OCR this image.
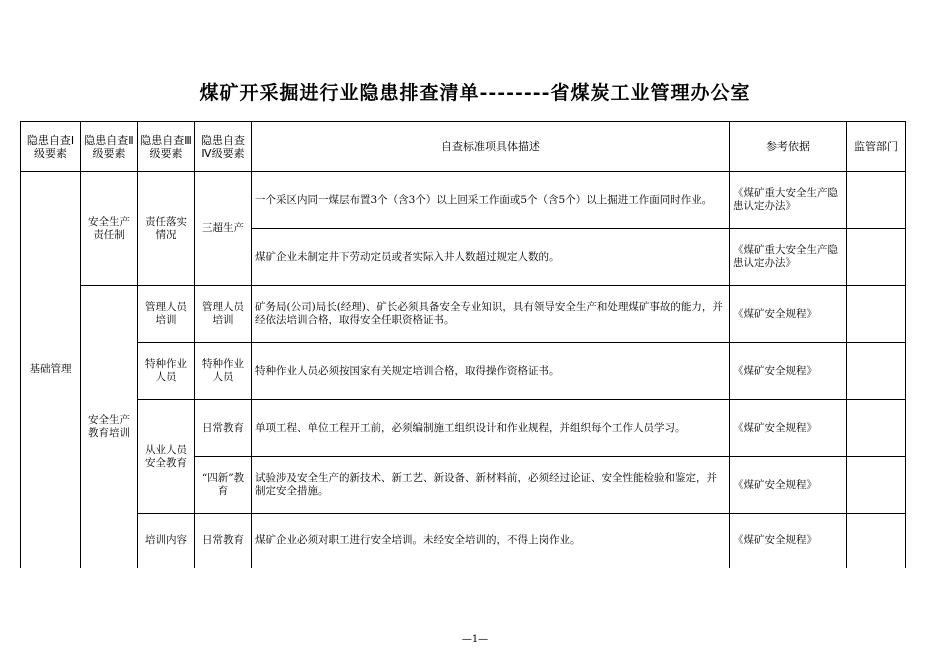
煤矿开采掘进行业隐患排查清单--------省煤炭工业管理办公室
隐患自查Ⅰ级要素	隐患自查Ⅱ级要素	隐患自查Ⅲ级要素	隐患自查Ⅳ级要素	自查标准项具体描述	参考依据	监管部门
基础管理	安全生产责任制	责任落实情况	三超生产	一个采区内同一煤层布置3个（含3个）以上回采工作面或5个（含5个）以上掘进工作面同时作业。	《煤矿重大安全生产隐患认定办法》	
				煤矿企业未制定井下劳动定员或者实际入井人数超过规定人数的。	《煤矿重大安全生产隐患认定办法》	
	安全生产教育培训	管理人员培训	管理人员培训	矿务局(公司)局长(经理)、矿长必须具备安全专业知识，具有领导安全生产和处理煤矿事故的能力，并经依法培训合格，取得安全任职资格证书。	《煤矿安全规程》	
		特种作业人员	特种作业人员	特种作业人员必须按国家有关规定培训合格，取得操作资格证书。	《煤矿安全规程》	
		从业人员安全教育	日常教育	单项工程、单位工程开工前，必须编制施工组织设计和作业规程，并组织每个工作人员学习。	《煤矿安全规程》	
			“四新”教育	试验涉及安全生产的新技术、新工艺、新设备、新材料前，必须经过论证、安全性能检验和鉴定，并制定安全措施。	《煤矿安全规程》	
		培训内容	日常教育	煤矿企业必须对职工进行安全培训。未经安全培训的，不得上岗作业。	《煤矿安全规程》	
—1—
